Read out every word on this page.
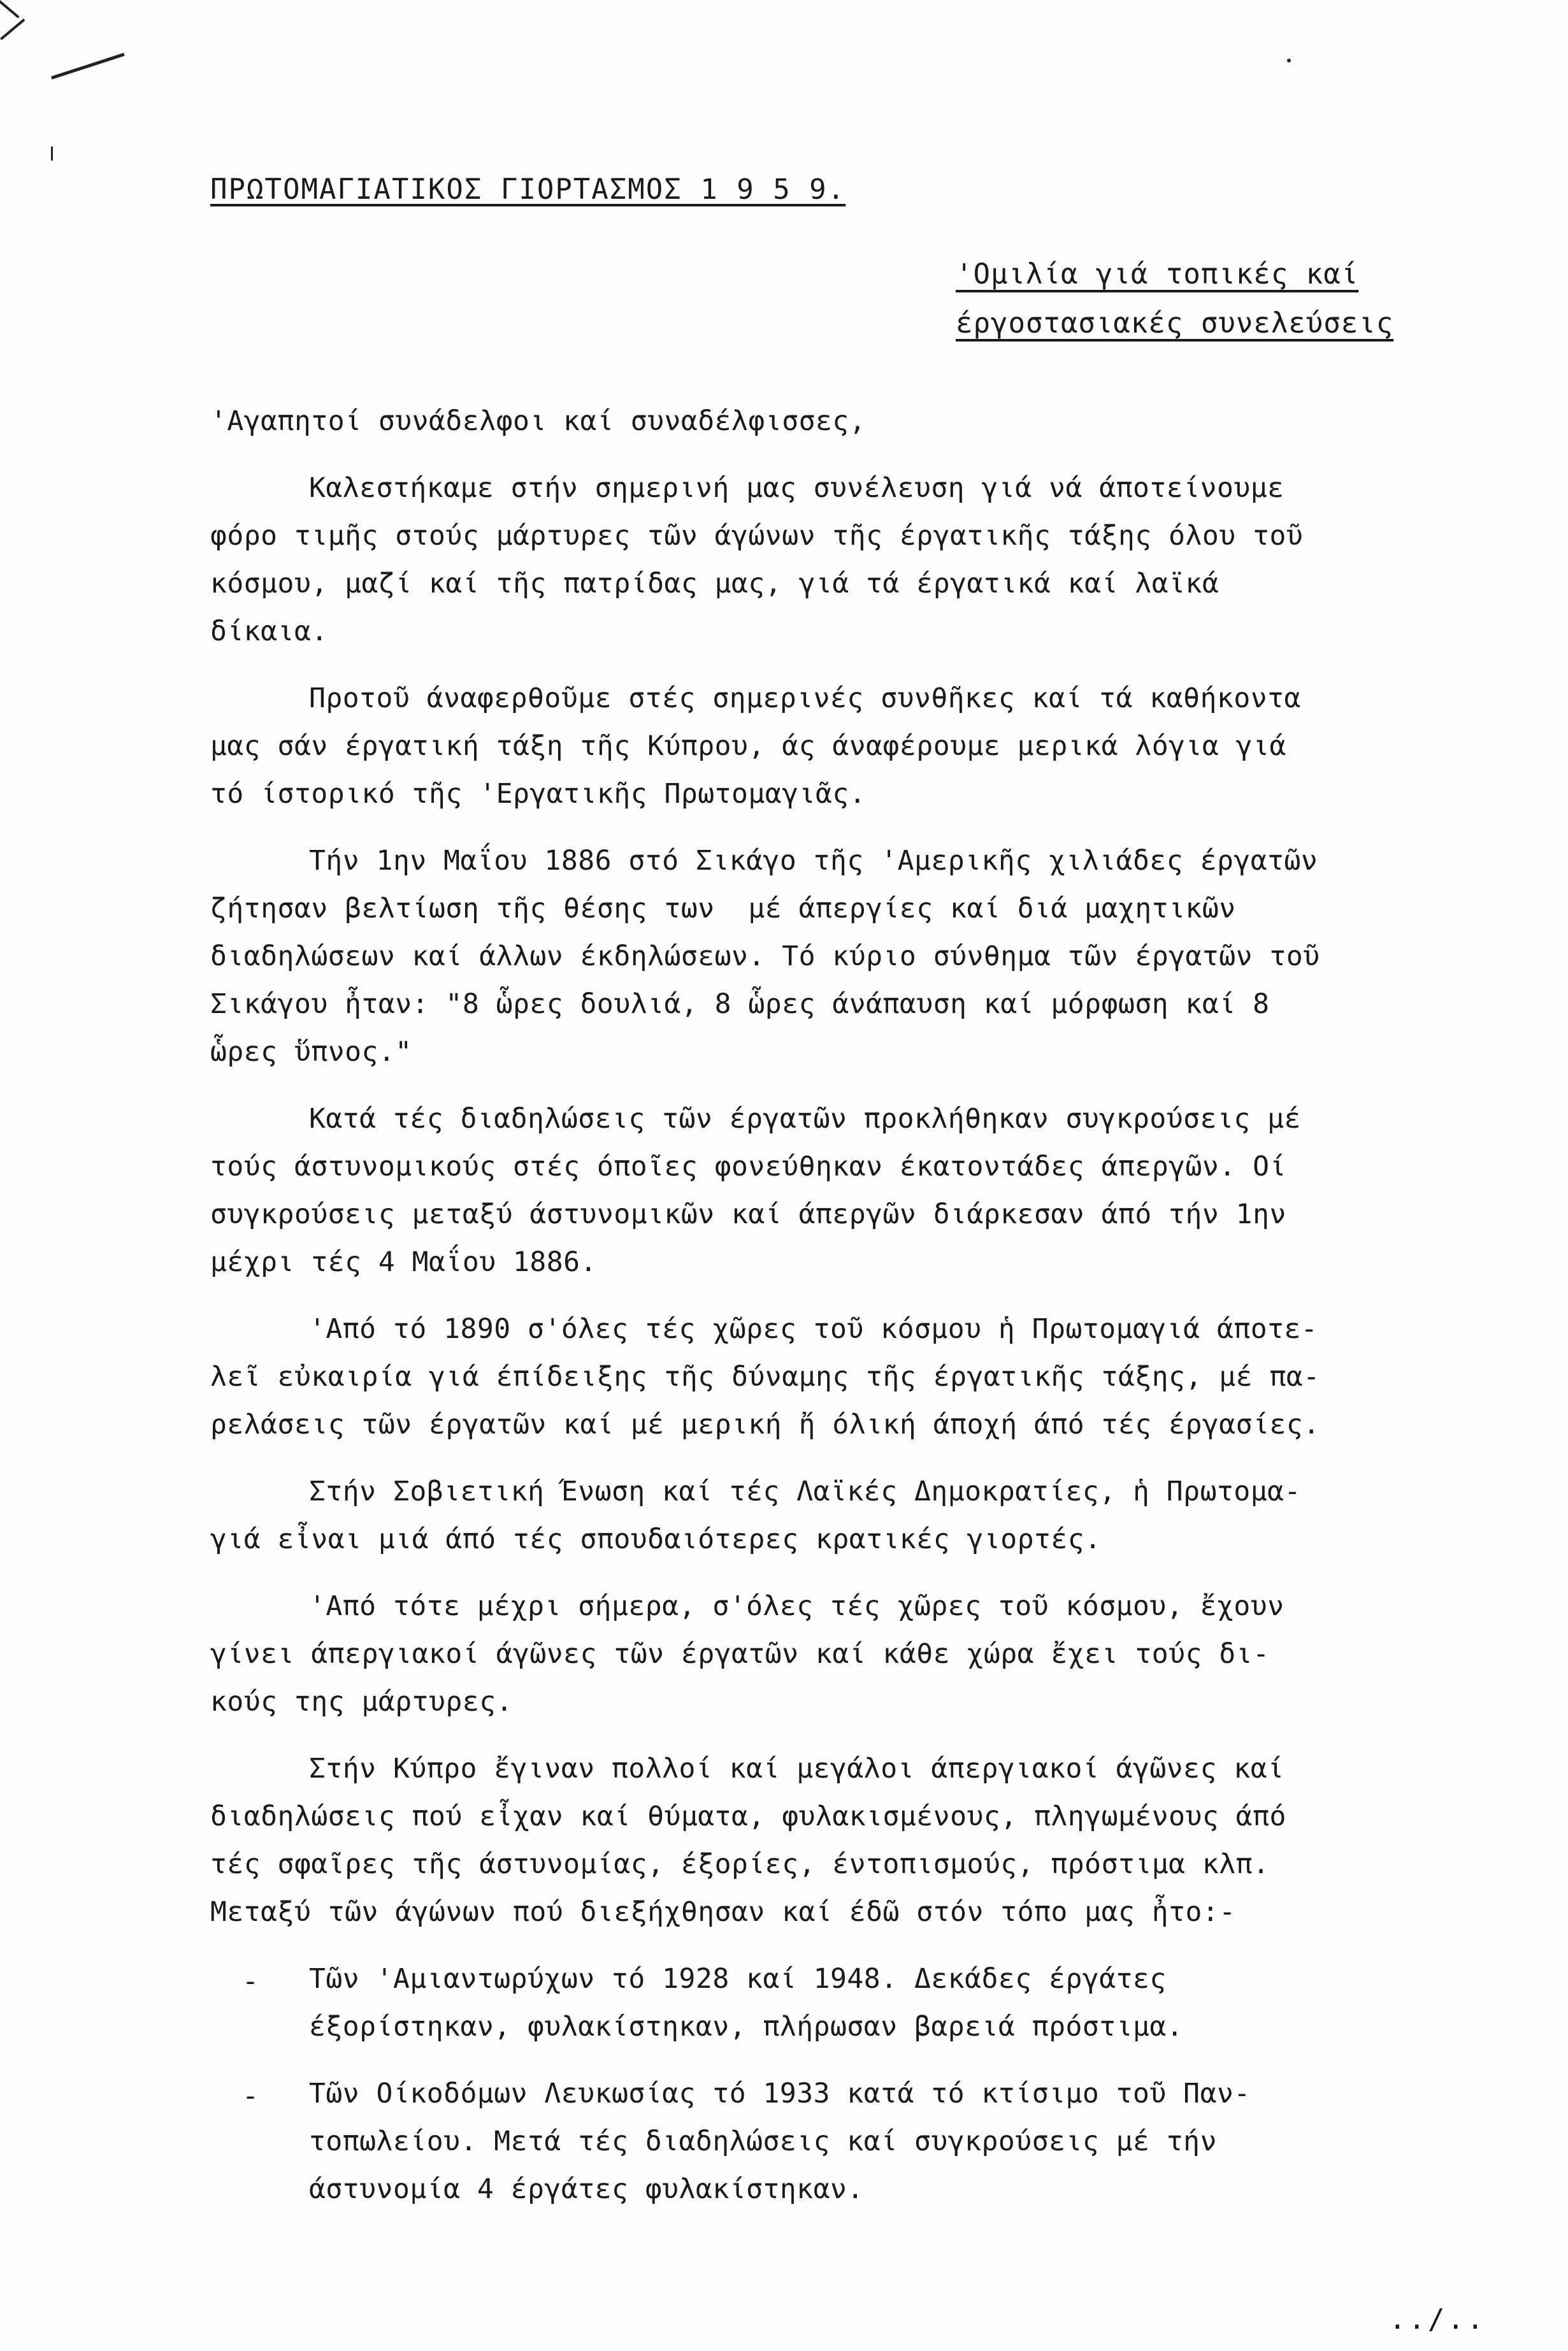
ΠΡΩΤΟΜΑΓΙΑΤΙΚΟΣ ΓΙΟΡΤΑΣΜΟΣ 1 9 5 9.
'Ομιλία γιά τοπικές καί
έργοστασιακές συνελεύσεις
'Αγαπητοί συνάδελφοι καί συναδέλφισσες,
Καλεστήκαμε στήν σημερινή μας συνέλευση γιά νά άποτείνουμε
φόρο τιμῆς στούς μάρτυρες τῶν άγώνων τῆς έργατικῆς τάξης όλου τοῦ
κόσμου, μαζί καί τῆς πατρίδας μας, γιά τά έργατικά καί λαϊκά
δίκαια.
Προτοῦ άναφερθοῦμε στές σημερινές συνθῆκες καί τά καθήκοντα
μας σάν έργατική τάξη τῆς Κύπρου, άς άναφέρουμε μερικά λόγια γιά
τό ίστορικό τῆς 'Εργατικῆς Πρωτομαγιᾶς.
Τήν 1ην Μαΐου 1886 στό Σικάγο τῆς 'Αμερικῆς χιλιάδες έργατῶν
ζήτησαν βελτίωση τῆς θέσης των  μέ άπεργίες καί διά μαχητικῶν
διαδηλώσεων καί άλλων έκδηλώσεων. Τό κύριο σύνθημα τῶν έργατῶν τοῦ
Σικάγου ἦταν: "8 ὧρες δουλιά, 8 ὧρες άνάπαυση καί μόρφωση καί 8
ὧρες ὕπνος."
Κατά τές διαδηλώσεις τῶν έργατῶν προκλήθηκαν συγκρούσεις μέ
τούς άστυνομικούς στές όποῖες φονεύθηκαν έκατοντάδες άπεργῶν. Οί
συγκρούσεις μεταξύ άστυνομικῶν καί άπεργῶν διάρκεσαν άπό τήν 1ην
μέχρι τές 4 Μαΐου 1886.
'Από τό 1890 σ'όλες τές χῶρες τοῦ κόσμου ἡ Πρωτομαγιά άποτε-
λεῖ εὐκαιρία γιά έπίδειξης τῆς δύναμης τῆς έργατικῆς τάξης, μέ πα-
ρελάσεις τῶν έργατῶν καί μέ μερική ἤ όλική άποχή άπό τές έργασίες.
Στήν Σοβιετική Ένωση καί τές Λαϊκές Δημοκρατίες, ἡ Πρωτομα-
γιά εἶναι μιά άπό τές σπουδαιότερες κρατικές γιορτές.
'Από τότε μέχρι σήμερα, σ'όλες τές χῶρες τοῦ κόσμου, ἔχουν
γίνει άπεργιακοί άγῶνες τῶν έργατῶν καί κάθε χώρα ἔχει τούς δι-
κούς της μάρτυρες.
Στήν Κύπρο ἔγιναν πολλοί καί μεγάλοι άπεργιακοί άγῶνες καί
διαδηλώσεις πού εἶχαν καί θύματα, φυλακισμένους, πληγωμένους άπό
τές σφαῖρες τῆς άστυνομίας, έξορίες, έντοπισμούς, πρόστιμα κλπ.
Μεταξύ τῶν άγώνων πού διεξήχθησαν καί έδῶ στόν τόπο μας ἦτο:-
- Τῶν 'Αμιαντωρύχων τό 1928 καί 1948. Δεκάδες έργάτες
έξορίστηκαν, φυλακίστηκαν, πλήρωσαν βαρειά πρόστιμα.
- Τῶν Οίκοδόμων Λευκωσίας τό 1933 κατά τό κτίσιμο τοῦ Παν-
τοπωλείου. Μετά τές διαδηλώσεις καί συγκρούσεις μέ τήν
άστυνομία 4 έργάτες φυλακίστηκαν.
../..
